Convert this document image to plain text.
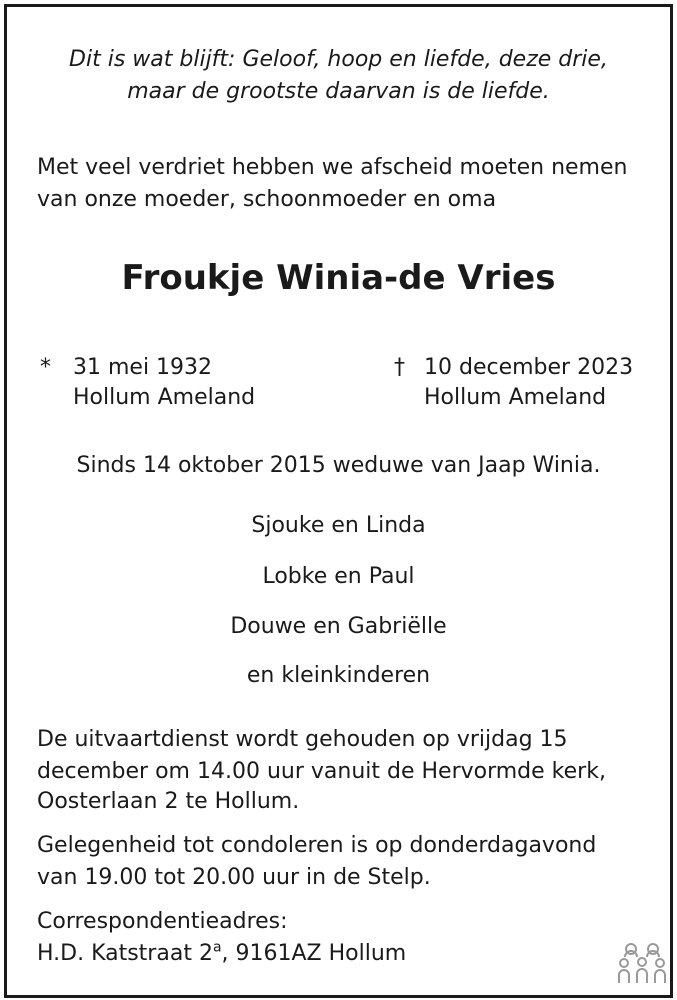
Dit is wat blijft: Geloof, hoop en liefde, deze drie,
maar de grootste daarvan is de liefde.
Met veel verdriet hebben we afscheid moeten nemen
van onze moeder, schoonmoeder en oma
Froukje Winia-de Vries
* 31 mei 1932
Hollum Ameland
† 10 december 2023
Hollum Ameland
Sinds 14 oktober 2015 weduwe van Jaap Winia.
Sjouke en Linda
Lobke en Paul
Douwe en Gabriëlle
en kleinkinderen
De uitvaartdienst wordt gehouden op vrijdag 15
december om 14.00 uur vanuit de Hervormde kerk,
Oosterlaan 2 te Hollum.
Gelegenheid tot condoleren is op donderdagavond
van 19.00 tot 20.00 uur in de Stelp.
Correspondentieadres:
H.D. Katstraat 2$^a$, 9161AZ Hollum
